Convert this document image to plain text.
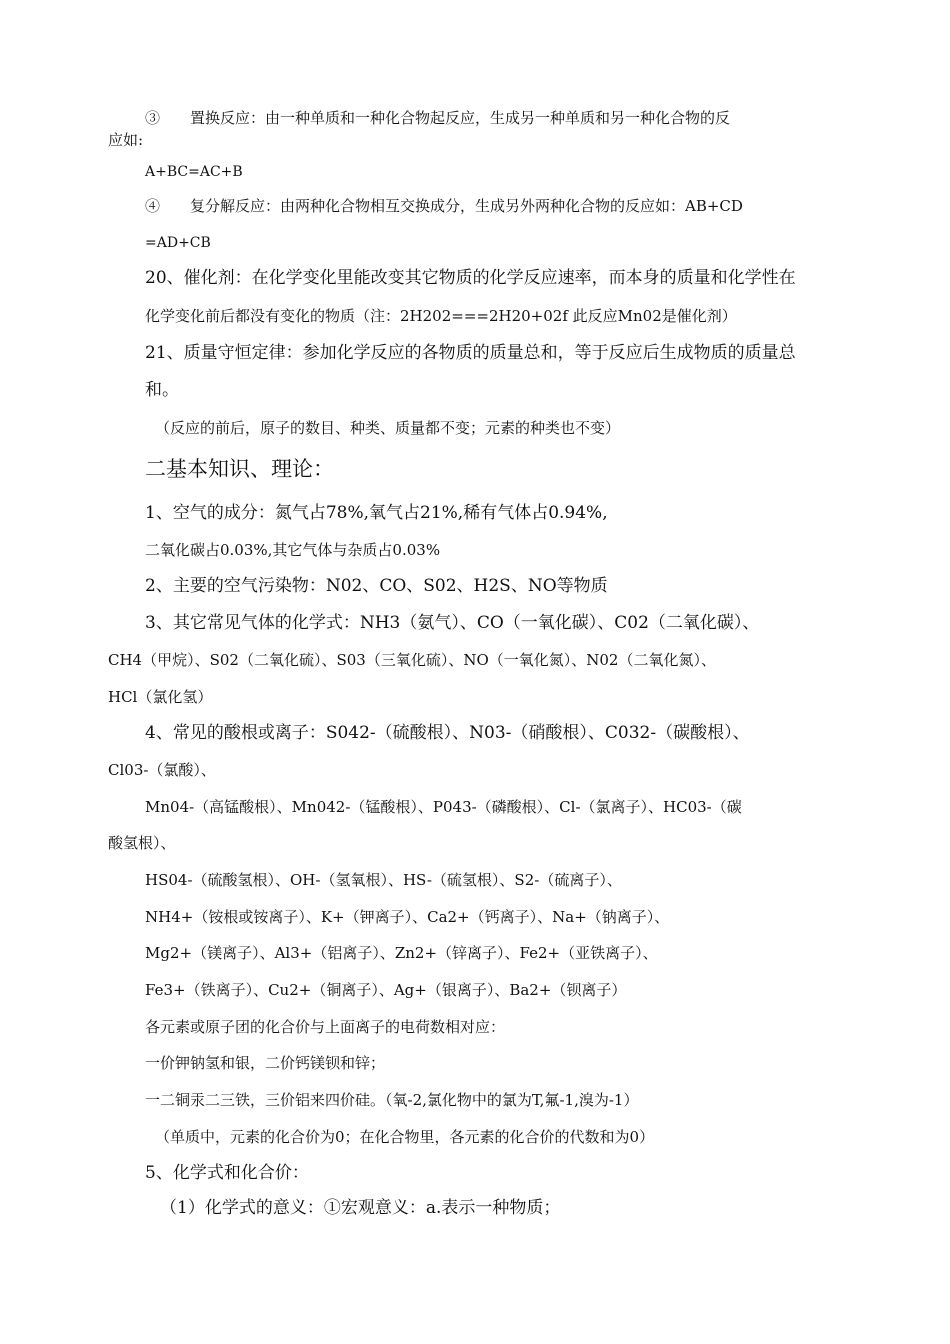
③　　置换反应：由一种单质和一种化合物起反应，生成另一种单质和另一种化合物的反
应如:
A+BC=AC+B
④　　复分解反应：由两种化合物相互交换成分，生成另外两种化合物的反应如：AB+CD
=AD+CB
20、催化剂：在化学变化里能改变其它物质的化学反应速率，而本身的质量和化学性在
化学变化前后都没有变化的物质（注：2H202===2H20+02f 此反应Mn02是催化剂）
21、质量守恒定律：参加化学反应的各物质的质量总和，等于反应后生成物质的质量总
和。
（反应的前后，原子的数目、种类、质量都不变；元素的种类也不变）
二基本知识、理论：
1、空气的成分：氮气占78%,氧气占21%,稀有气体占0.94%,
二氧化碳占0.03%,其它气体与杂质占0.03%
2、主要的空气污染物：N02、CO、S02、H2S、NO等物质
3、其它常见气体的化学式：NH3（氨气）、CO（一氧化碳）、C02（二氧化碳）、
CH4（甲烷）、S02（二氧化硫）、S03（三氧化硫）、NO（一氧化氮）、N02（二氧化氮）、
HCl（氯化氢）
4、常见的酸根或离子：S042-（硫酸根）、N03-（硝酸根）、C032-（碳酸根）、
Cl03-（氯酸）、
Mn04-（高锰酸根）、Mn042-（锰酸根）、P043-（磷酸根）、Cl-（氯离子）、HC03-（碳
酸氢根）、
HS04-（硫酸氢根）、OH-（氢氧根）、HS-（硫氢根）、S2-（硫离子）、
NH4+（铵根或铵离子）、K+（钾离子）、Ca2+（钙离子）、Na+（钠离子）、
Mg2+（镁离子）、Al3+（铝离子）、Zn2+（锌离子）、Fe2+（亚铁离子）、
Fe3+（铁离子）、Cu2+（铜离子）、Ag+（银离子）、Ba2+（钡离子）
各元素或原子团的化合价与上面离子的电荷数相对应：
一价钾钠氢和银，二价钙镁钡和锌；
一二铜汞二三铁，三价铝来四价硅。（氧-2,氯化物中的氯为T,氟-1,溴为-1）
（单质中，元素的化合价为0；在化合物里，各元素的化合价的代数和为0）
5、化学式和化合价：
（1）化学式的意义：①宏观意义：a.表示一种物质；
